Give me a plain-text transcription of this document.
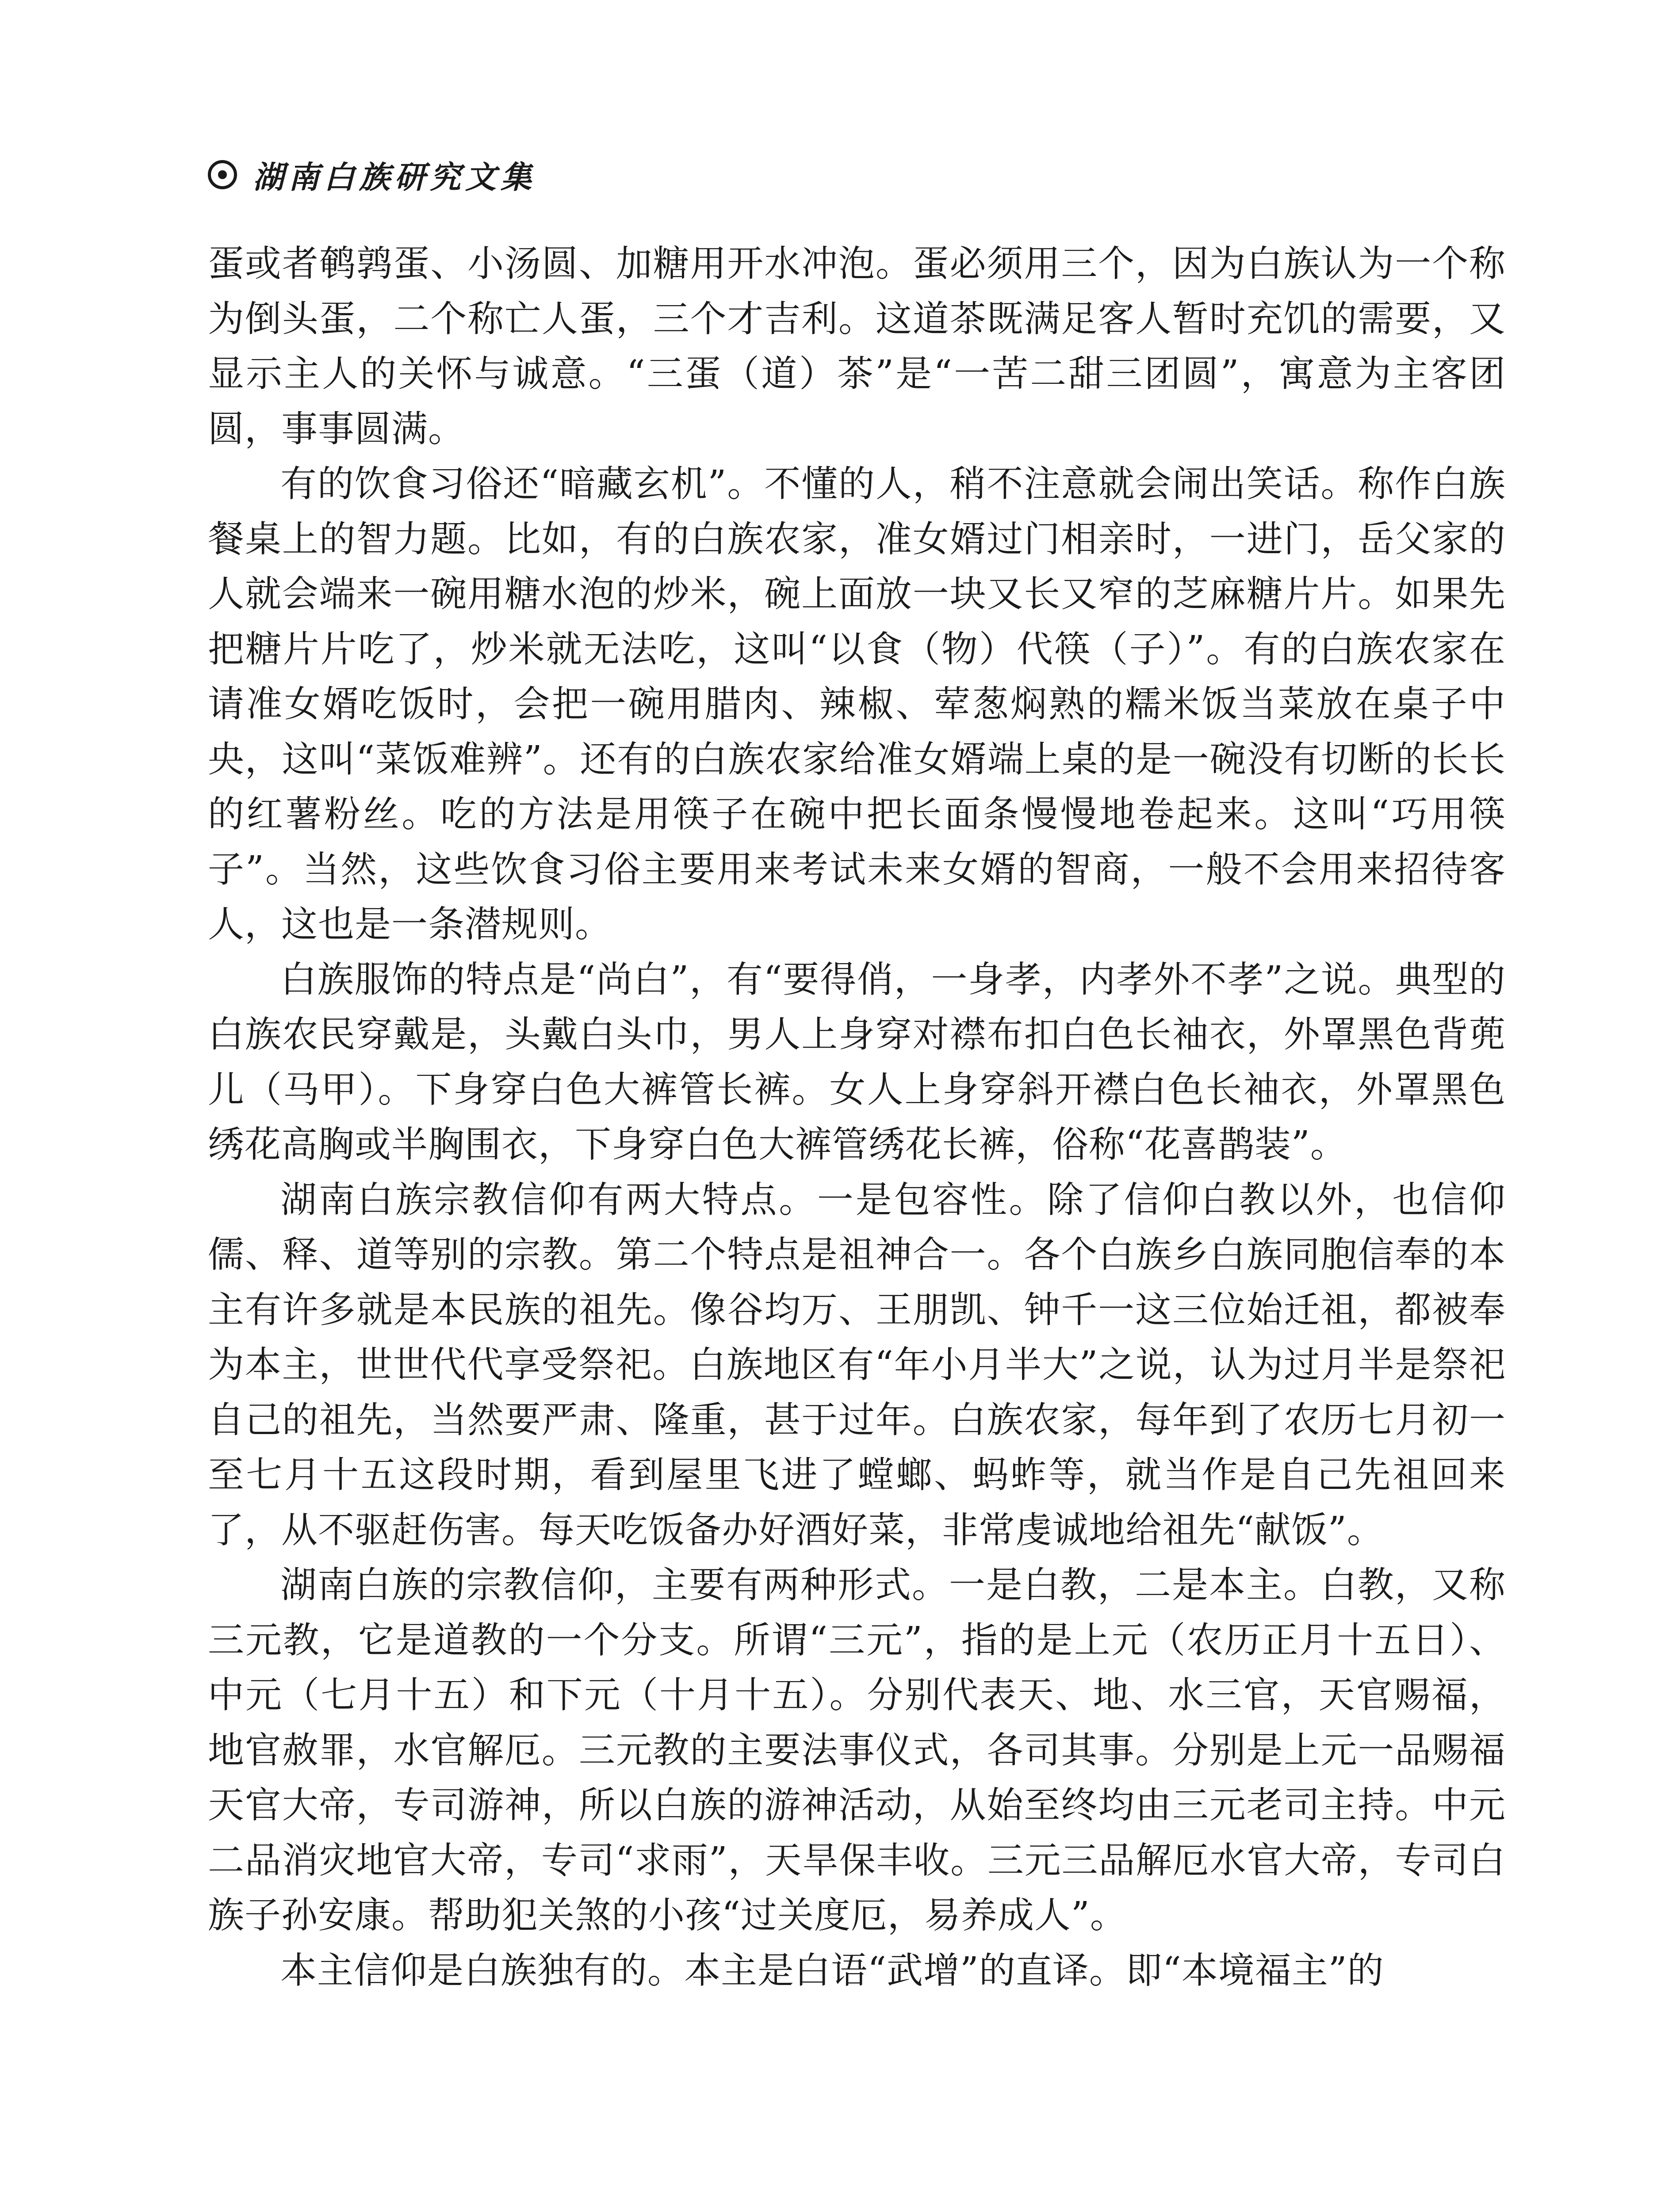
湖南白族研究文集

蛋或者鹌鹑蛋、小汤圆、加糖用开水冲泡。蛋必须用三个，因为白族认为一个称为倒头蛋，二个称亡人蛋，三个才吉利。这道茶既满足客人暂时充饥的需要，又显示主人的关怀与诚意。“三蛋（道）茶”是“一苦二甜三团圆”，寓意为主客团圆，事事圆满。

有的饮食习俗还“暗藏玄机”。不懂的人，稍不注意就会闹出笑话。称作白族餐桌上的智力题。比如，有的白族农家，准女婿过门相亲时，一进门，岳父家的人就会端来一碗用糖水泡的炒米，碗上面放一块又长又窄的芝麻糖片片。如果先把糖片片吃了，炒米就无法吃，这叫“以食（物）代筷（子）”。有的白族农家在请准女婿吃饭时，会把一碗用腊肉、辣椒、荤葱焖熟的糯米饭当菜放在桌子中央，这叫“菜饭难辨”。还有的白族农家给准女婿端上桌的是一碗没有切断的长长的红薯粉丝。吃的方法是用筷子在碗中把长面条慢慢地卷起来。这叫“巧用筷子”。当然，这些饮食习俗主要用来考试未来女婿的智商，一般不会用来招待客人，这也是一条潜规则。

白族服饰的特点是“尚白”，有“要得俏，一身孝，内孝外不孝”之说。典型的白族农民穿戴是，头戴白头巾，男人上身穿对襟布扣白色长袖衣，外罩黑色背蔸儿（马甲）。下身穿白色大裤管长裤。女人上身穿斜开襟白色长袖衣，外罩黑色绣花高胸或半胸围衣，下身穿白色大裤管绣花长裤，俗称“花喜鹊装”。

湖南白族宗教信仰有两大特点。一是包容性。除了信仰白教以外，也信仰儒、释、道等别的宗教。第二个特点是祖神合一。各个白族乡白族同胞信奉的本主有许多就是本民族的祖先。像谷均万、王朋凯、钟千一这三位始迁祖，都被奉为本主，世世代代享受祭祀。白族地区有“年小月半大”之说，认为过月半是祭祀自己的祖先，当然要严肃、隆重，甚于过年。白族农家，每年到了农历七月初一至七月十五这段时期，看到屋里飞进了螳螂、蚂蚱等，就当作是自己先祖回来了，从不驱赶伤害。每天吃饭备办好酒好菜，非常虔诚地给祖先“献饭”。

湖南白族的宗教信仰，主要有两种形式。一是白教，二是本主。白教，又称三元教，它是道教的一个分支。所谓“三元”，指的是上元（农历正月十五日）、中元（七月十五）和下元（十月十五）。分别代表天、地、水三官，天官赐福，地官赦罪，水官解厄。三元教的主要法事仪式，各司其事。分别是上元一品赐福天官大帝，专司游神，所以白族的游神活动，从始至终均由三元老司主持。中元二品消灾地官大帝，专司“求雨”，天旱保丰收。三元三品解厄水官大帝，专司白族子孙安康。帮助犯关煞的小孩“过关度厄，易养成人”。

本主信仰是白族独有的。本主是白语“武增”的直译。即“本境福主”的
